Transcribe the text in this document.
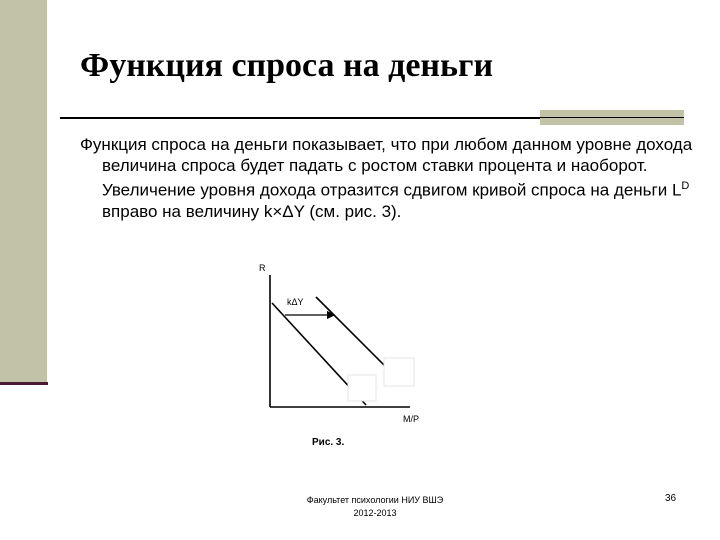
Функция спроса на деньги

Функция спроса на деньги показывает, что при любом данном уровне дохода величина спроса будет падать с ростом ставки процента и наоборот. Увеличение уровня дохода отразится сдвигом кривой спроса на деньги $L^D$ вправо на величину k×ΔY (см. рис. 3).

R
kΔY
M/P
Рис. 3.
Факультет психологии НИУ ВШЭ
2012-2013
36
